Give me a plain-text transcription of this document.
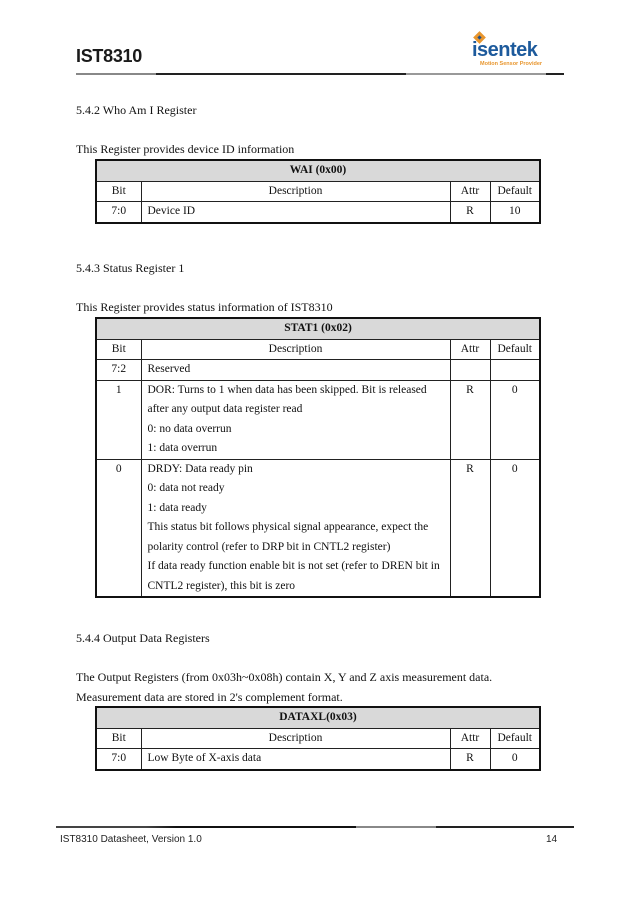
IST8310	isentek
Motion Sensor Provider
5.4.2 Who Am I Register
This Register provides device ID information
WAI (0x00)			
Bit	Description	Attr	Default
7:0	Device ID	R	10
5.4.3 Status Register 1
This Register provides status information of IST8310
STAT1 (0x02)			
Bit	Description	Attr	Default
7:2	Reserved		
1	DOR: Turns to 1 when data has been skipped. Bit is released
after any output data register read
0: no data overrun
1: data overrun	R	0
0	DRDY: Data ready pin
0: data not ready
1: data ready
This status bit follows physical signal appearance, expect the
polarity control (refer to DRP bit in CNTL2 register)
If data ready function enable bit is not set (refer to DREN bit in
CNTL2 register), this bit is zero
	R	0
5.4.4 Output Data Registers
The Output Registers (from 0x03h~0x08h) contain X, Y and Z axis measurement data. Measurement data are stored in 2's complement format.
DATAXL(0x03)			
Bit	Description	Attr	Default
7:0	Low Byte of X-axis data	R	0
IST8310 Datasheet, Version 1.0	14
